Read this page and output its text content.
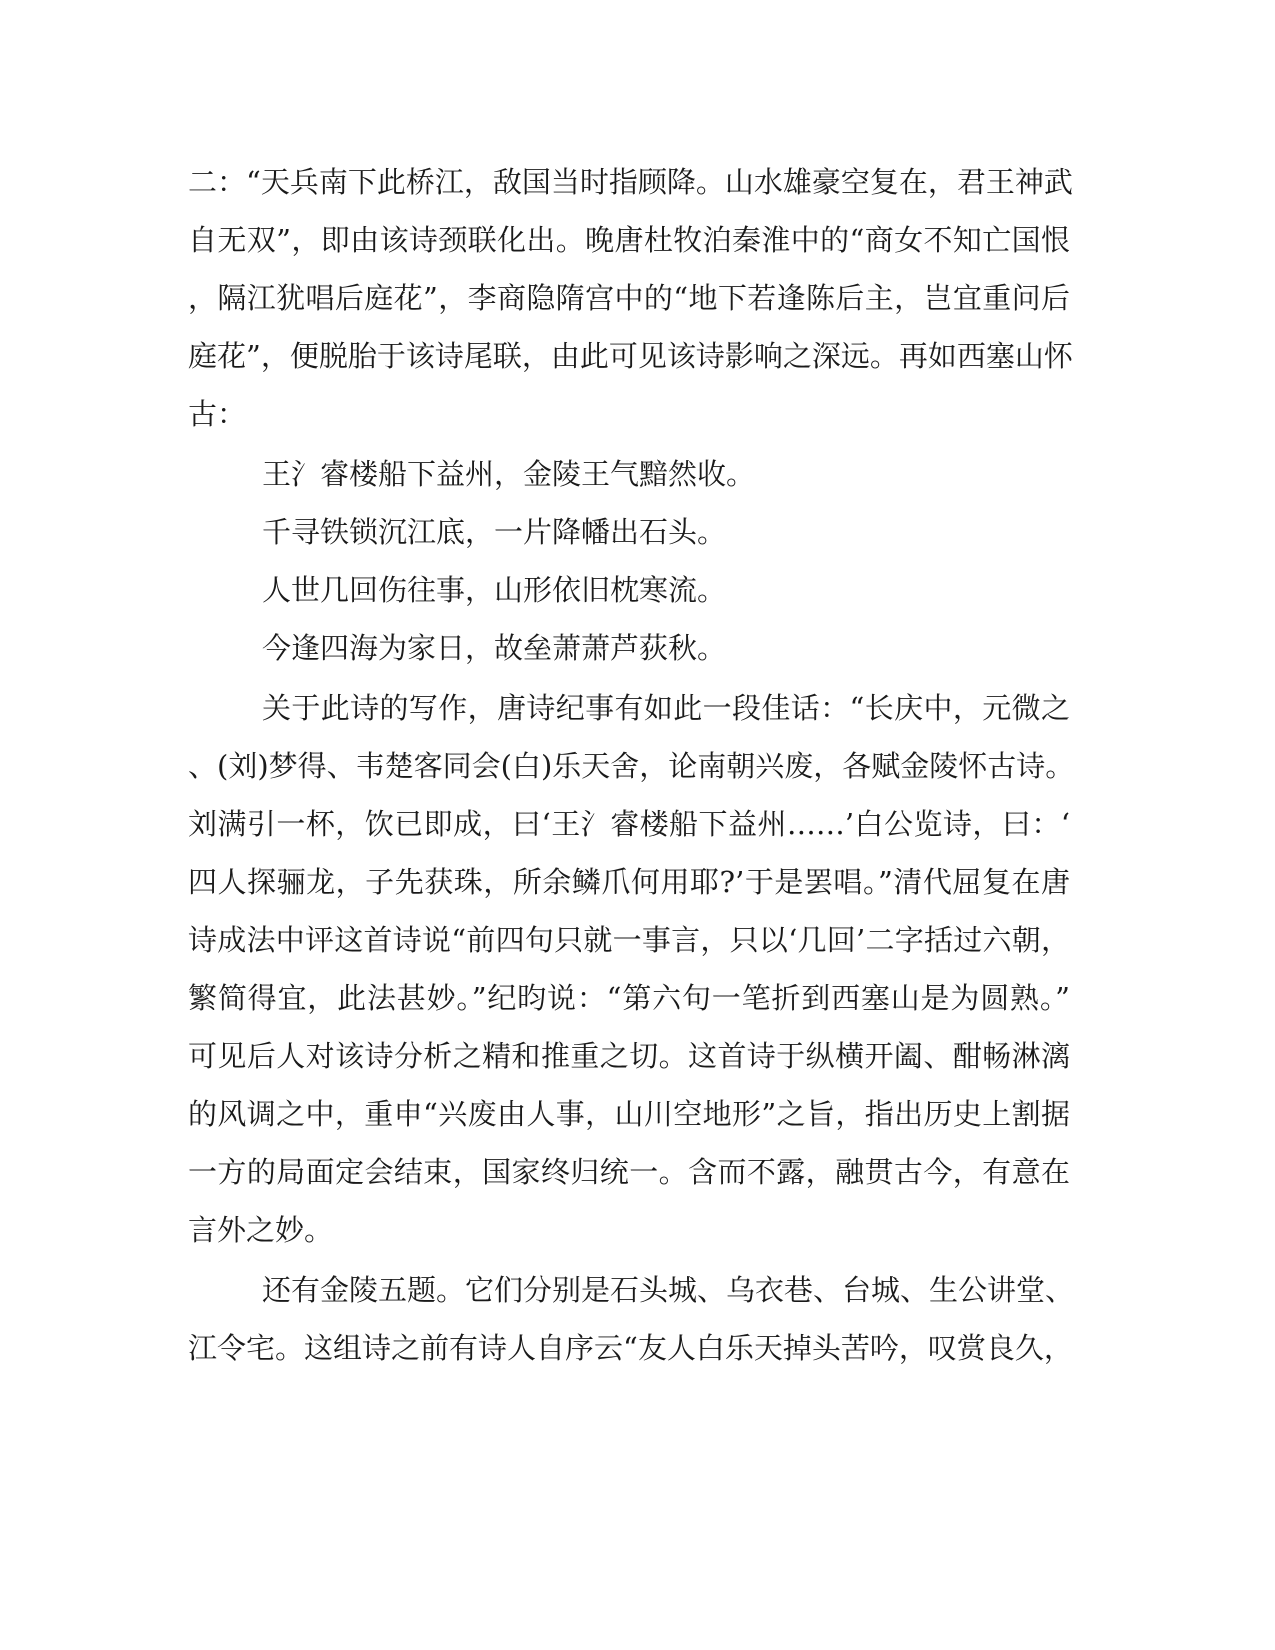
二：“天兵南下此桥江，敌国当时指顾降。山水雄豪空复在，君王神武
自无双”，即由该诗颈联化出。晚唐杜牧泊秦淮中的“商女不知亡国恨
，隔江犹唱后庭花”，李商隐隋宫中的“地下若逢陈后主，岂宜重问后
庭花”，便脱胎于该诗尾联，由此可见该诗影响之深远。再如西塞山怀
古：
王氵睿楼船下益州，金陵王气黯然收。
千寻铁锁沉江底，一片降幡出石头。
人世几回伤往事，山形依旧枕寒流。
今逢四海为家日，故垒萧萧芦荻秋。
关于此诗的写作，唐诗纪事有如此一段佳话：“长庆中，元微之
、(刘)梦得、韦楚客同会(白)乐天舍，论南朝兴废，各赋金陵怀古诗。
刘满引一杯，饮已即成，曰‘王氵睿楼船下益州……’白公览诗，曰：‘
四人探骊龙，子先获珠，所余鳞爪何用耶?’于是罢唱。”清代屈复在唐
诗成法中评这首诗说“前四句只就一事言，只以‘几回’二字括过六朝，
繁简得宜，此法甚妙。”纪昀说：“第六句一笔折到西塞山是为圆熟。”
可见后人对该诗分析之精和推重之切。这首诗于纵横开阖、酣畅淋漓
的风调之中，重申“兴废由人事，山川空地形”之旨，指出历史上割据
一方的局面定会结束，国家终归统一。含而不露，融贯古今，有意在
言外之妙。
还有金陵五题。它们分别是石头城、乌衣巷、台城、生公讲堂、
江令宅。这组诗之前有诗人自序云“友人白乐天掉头苦吟，叹赏良久，
